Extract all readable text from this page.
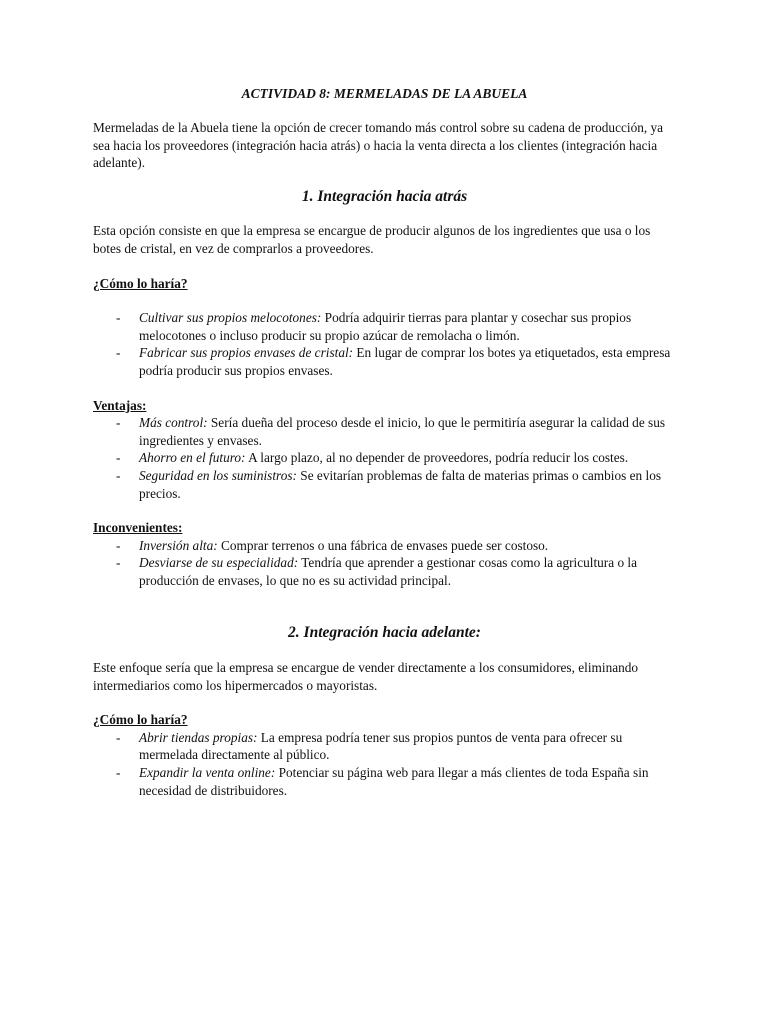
ACTIVIDAD 8: MERMELADAS DE LA ABUELA

Mermeladas de la Abuela tiene la opción de crecer tomando más control sobre su cadena de producción, ya sea hacia los proveedores (integración hacia atrás) o hacia la venta directa a los clientes (integración hacia adelante).

1. Integración hacia atrás

Esta opción consiste en que la empresa se encargue de producir algunos de los ingredientes que usa o los botes de cristal, en vez de comprarlos a proveedores.

¿Cómo lo haría?

- Cultivar sus propios melocotones: Podría adquirir tierras para plantar y cosechar sus propios melocotones o incluso producir su propio azúcar de remolacha o limón.
- Fabricar sus propios envases de cristal: En lugar de comprar los botes ya etiquetados, esta empresa podría producir sus propios envases.

Ventajas:

- Más control: Sería dueña del proceso desde el inicio, lo que le permitiría asegurar la calidad de sus ingredientes y envases.
- Ahorro en el futuro: A largo plazo, al no depender de proveedores, podría reducir los costes.
- Seguridad en los suministros: Se evitarían problemas de falta de materias primas o cambios en los precios.

Inconvenientes:

- Inversión alta: Comprar terrenos o una fábrica de envases puede ser costoso.
- Desviarse de su especialidad: Tendría que aprender a gestionar cosas como la agricultura o la producción de envases, lo que no es su actividad principal.

2. Integración hacia adelante:

Este enfoque sería que la empresa se encargue de vender directamente a los consumidores, eliminando intermediarios como los hipermercados o mayoristas.

¿Cómo lo haría?

- Abrir tiendas propias: La empresa podría tener sus propios puntos de venta para ofrecer su mermelada directamente al público.
- Expandir la venta online: Potenciar su página web para llegar a más clientes de toda España sin necesidad de distribuidores.
